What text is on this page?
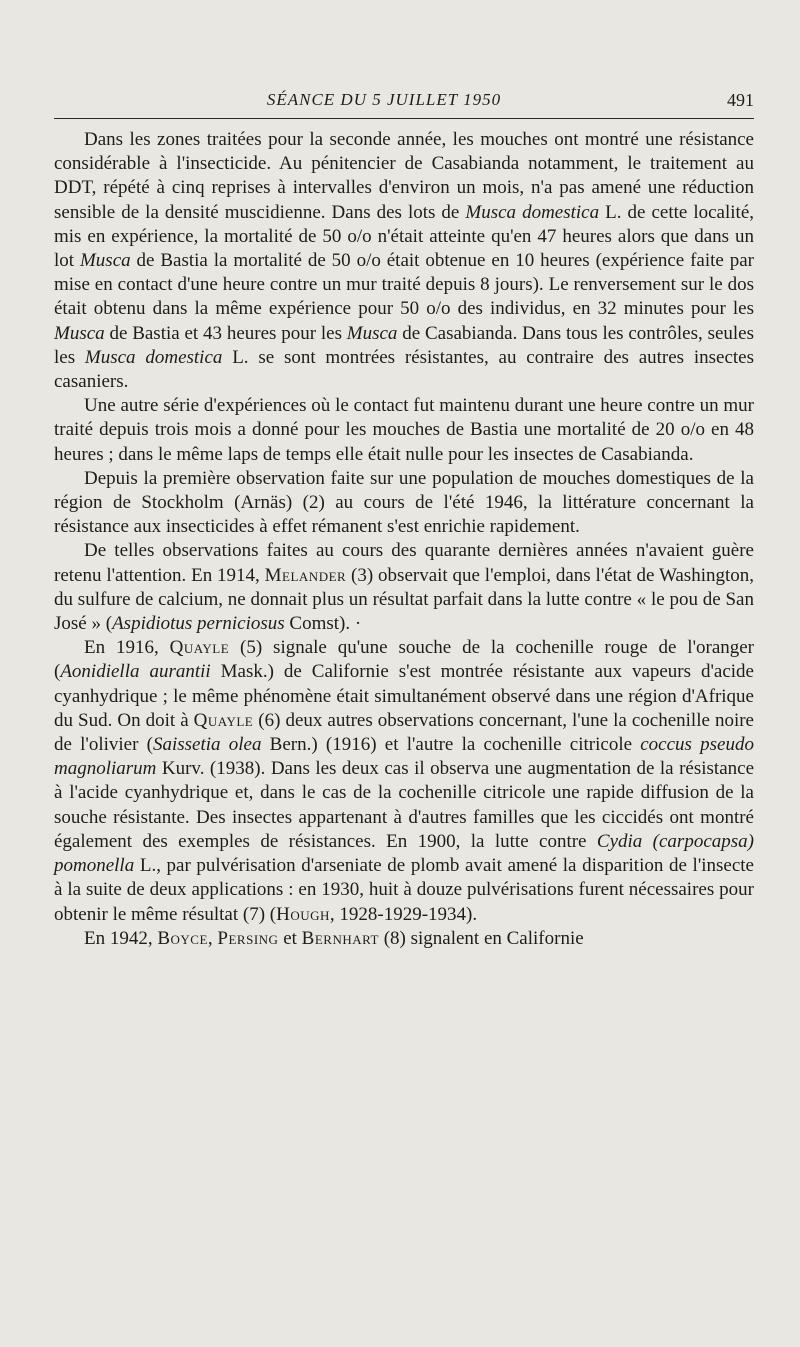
SÉANCE DU 5 JUILLET 1950	491

Dans les zones traitées pour la seconde année, les mouches ont montré une résistance considérable à l'insecticide. Au pénitencier de Casabianda notamment, le traitement au DDT, répété à cinq reprises à intervalles d'environ un mois, n'a pas amené une réduction sensible de la densité muscidienne. Dans des lots de Musca domestica L. de cette localité, mis en expérience, la mortalité de 50 o/o n'était atteinte qu'en 47 heures alors que dans un lot Musca de Bastia la mortalité de 50 o/o était obtenue en 10 heures (expérience faite par mise en contact d'une heure contre un mur traité depuis 8 jours). Le renversement sur le dos était obtenu dans la même expérience pour 50 o/o des individus, en 32 minutes pour les Musca de Bastia et 43 heures pour les Musca de Casabianda. Dans tous les contrôles, seules les Musca domestica L. se sont montrées résistantes, au contraire des autres insectes casaniers.

Une autre série d'expériences où le contact fut maintenu durant une heure contre un mur traité depuis trois mois a donné pour les mouches de Bastia une mortalité de 20 o/o en 48 heures ; dans le même laps de temps elle était nulle pour les insectes de Casabianda.

Depuis la première observation faite sur une population de mouches domestiques de la région de Stockholm (Arnäs) (2) au cours de l'été 1946, la littérature concernant la résistance aux insecticides à effet rémanent s'est enrichie rapidement.

De telles observations faites au cours des quarante dernières années n'avaient guère retenu l'attention. En 1914, Melander (3) observait que l'emploi, dans l'état de Washington, du sulfure de calcium, ne donnait plus un résultat parfait dans la lutte contre « le pou de San José » (Aspidiotus perniciosus Comst). ·

En 1916, Quayle (5) signale qu'une souche de la cochenille rouge de l'oranger (Aonidiella aurantii Mask.) de Californie s'est montrée résistante aux vapeurs d'acide cyanhydrique ; le même phénomène était simultanément observé dans une région d'Afrique du Sud. On doit à Quayle (6) deux autres observations concernant, l'une la cochenille noire de l'olivier (Saissetia olea Bern.) (1916) et l'autre la cochenille citricole coccus pseudo magnoliarum Kurv. (1938). Dans les deux cas il observa une augmentation de la résistance à l'acide cyanhydrique et, dans le cas de la cochenille citricole une rapide diffusion de la souche résistante. Des insectes appartenant à d'autres familles que les ciccidés ont montré également des exemples de résistances. En 1900, la lutte contre Cydia (carpocapsa) pomonella L., par pulvérisation d'arseniate de plomb avait amené la disparition de l'insecte à la suite de deux applications : en 1930, huit à douze pulvérisations furent nécessaires pour obtenir le même résultat (7) (Hough, 1928-1929-1934).

En 1942, Boyce, Persing et Bernhart (8) signalent en Californie
